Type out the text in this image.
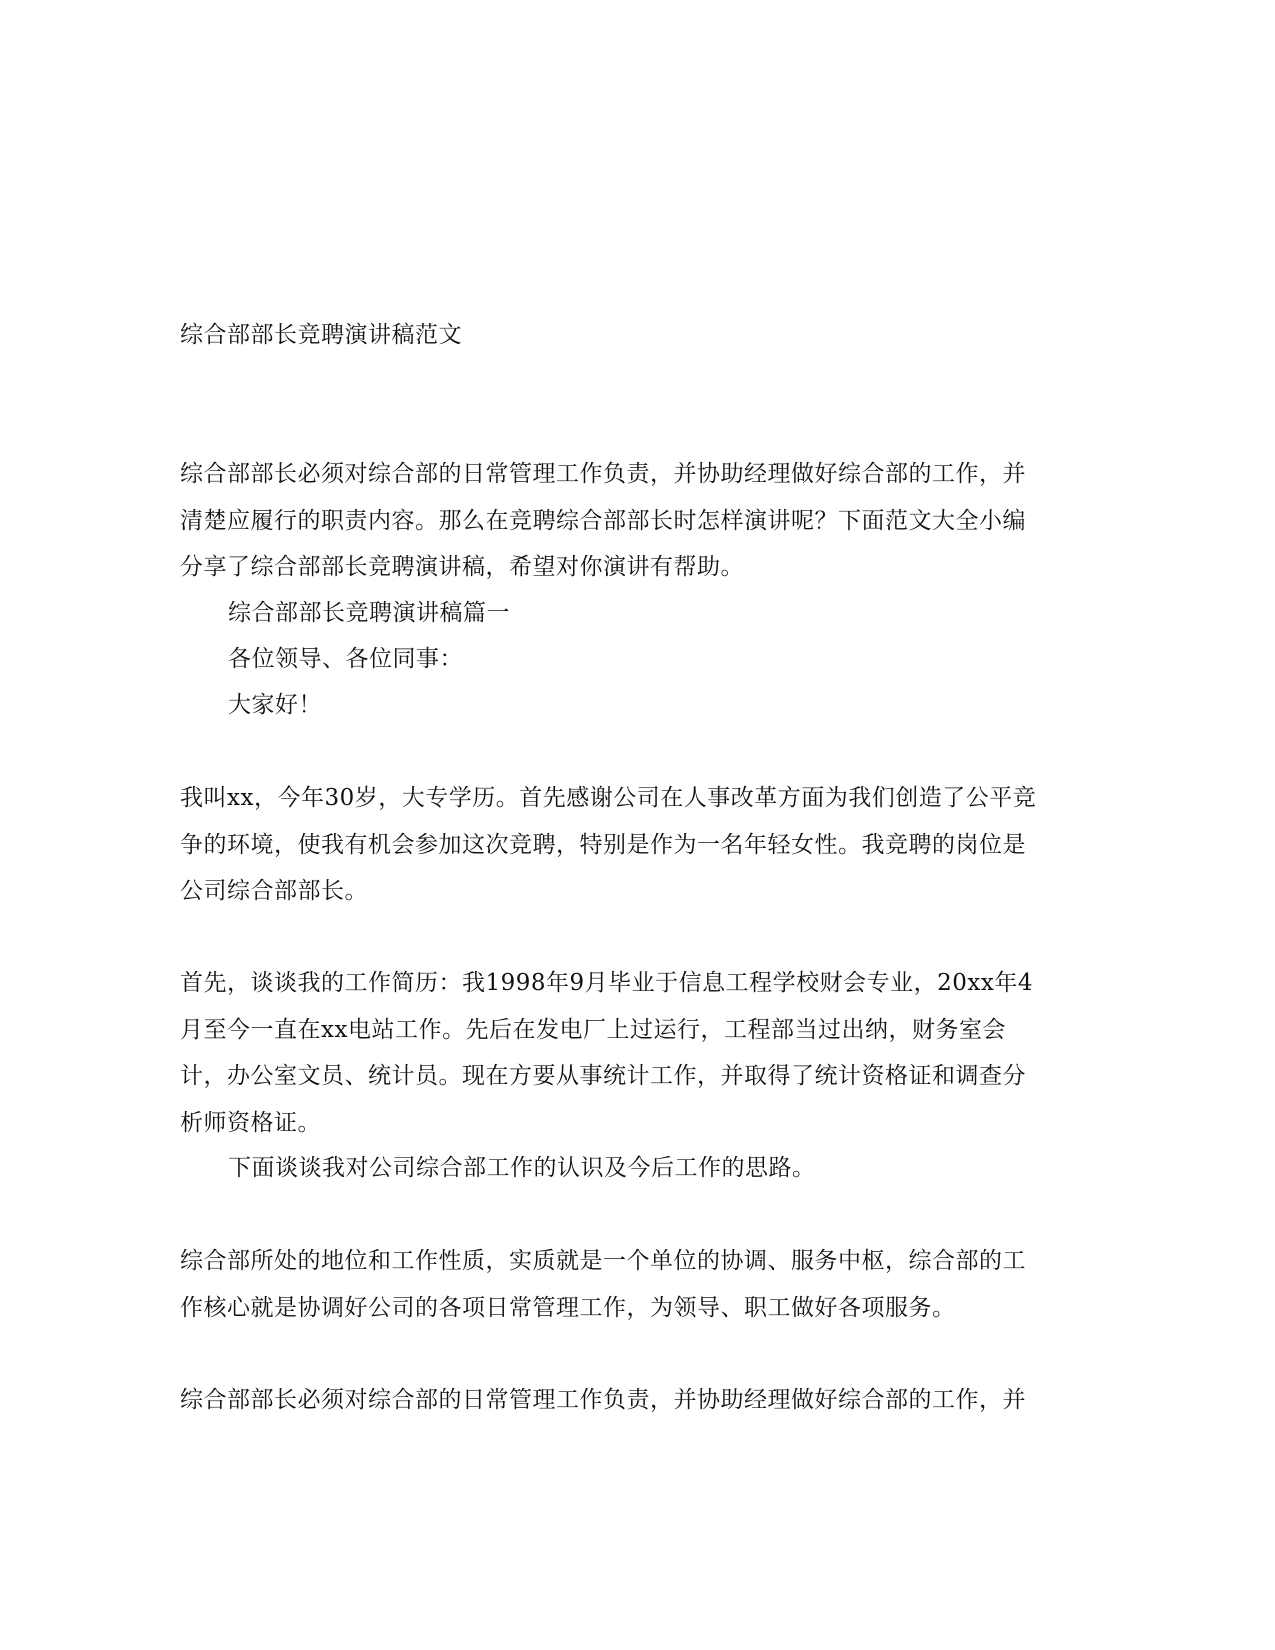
综合部部长竞聘演讲稿范文
综合部部长必须对综合部的日常管理工作负责，并协助经理做好综合部的工作，并清楚应履行的职责内容。那么在竞聘综合部部长时怎样演讲呢？下面范文大全小编分享了综合部部长竞聘演讲稿，希望对你演讲有帮助。
综合部部长竞聘演讲稿篇一
各位领导、各位同事：
大家好！
我叫xx，今年30岁，大专学历。首先感谢公司在人事改革方面为我们创造了公平竞争的环境，使我有机会参加这次竞聘，特别是作为一名年轻女性。我竞聘的岗位是公司综合部部长。
首先，谈谈我的工作简历：我1998年9月毕业于信息工程学校财会专业，20xx年4月至今一直在xx电站工作。先后在发电厂上过运行，工程部当过出纳，财务室会计，办公室文员、统计员。现在方要从事统计工作，并取得了统计资格证和调查分析师资格证。
下面谈谈我对公司综合部工作的认识及今后工作的思路。
综合部所处的地位和工作性质，实质就是一个单位的协调、服务中枢，综合部的工作核心就是协调好公司的各项日常管理工作，为领导、职工做好各项服务。
综合部部长必须对综合部的日常管理工作负责，并协助经理做好综合部的工作，并
